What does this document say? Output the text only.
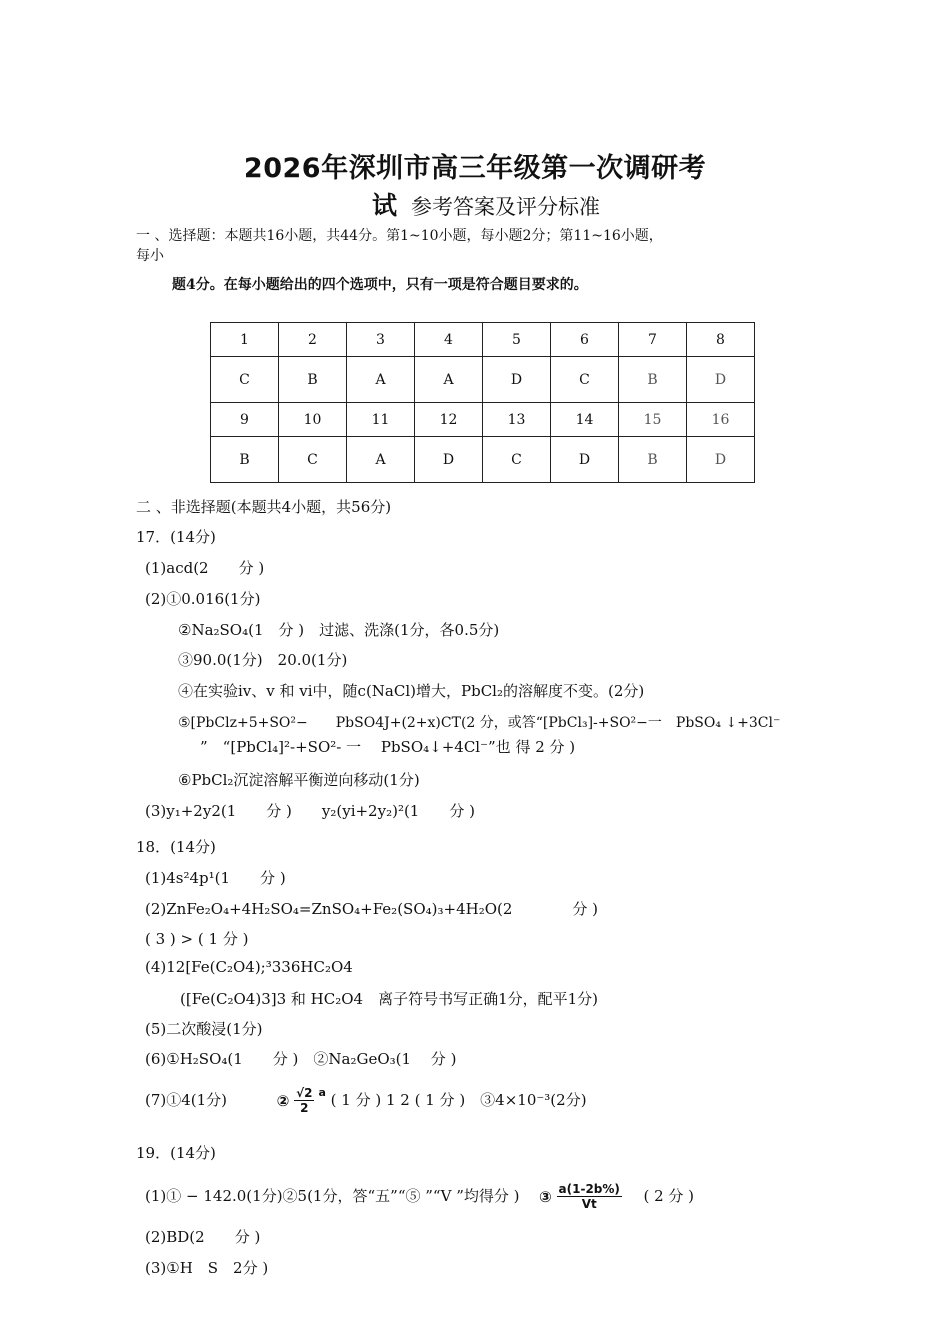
2026年深圳市高三年级第一次调研考
试 参考答案及评分标准
一 、选择题：本题共16小题，共44分。第1~10小题，每小题2分；第11~16小题，
每小
题4分。在每小题给出的四个选项中，只有一项是符合题目要求的。
1	2	3	4	5	6	7	8
C	B	A	A	D	C	B	D
9	10	11	12	13	14	15	16
B	C	A	D	C	D	B	D
二 、非选择题(本题共4小题，共56分)
17．(14分)
(1)acd(2　　分 )
(2)①0.016(1分)
②Na₂SO₄(1　分 )　过滤、洗涤(1分，各0.5分)
③90.0(1分)　20.0(1分)
④在实验iv、v 和 vi中，随c(NaCl)增大，PbCl₂的溶解度不变。(2分)
⑤[PbClz+5+SO²−　　PbSO4J+(2+x)CT(2 分，或答“[PbCl₃]-+SO²−一　PbSO₄ ↓+3Cl⁻
”　“[PbCl₄]²-+SO²- 一　 PbSO₄↓+4Cl⁻”也 得 2 分 )
⑥PbCl₂沉淀溶解平衡逆向移动(1分)
(3)y₁+2y2(1　　分 )　　y₂(yi+2y₂)²(1　　分 )
18．(14分)
(1)4s²4p¹(1　　分 )
(2)ZnFe₂O₄+4H₂SO₄=ZnSO₄+Fe₂(SO₄)₃+4H₂O(2　　　　分 )
( 3 ) > ( 1 分 )
(4)12[Fe(C₂O4);³336HC₂O4
([Fe(C₂O4)3]3 和 HC₂O4　离子符号书写正确1分，配平1分)
(5)二次酸浸(1分)
(6)①H₂SO₄(1　　分 )　②Na₂GeO₃(1　 分 )
(7)①4(1分)	② $\frac{√2}{2} ^a$ ( 1 分 ) 1 2 ( 1 分 )　③4×10⁻³(2分)
19．(14分)
(1)① − 142.0(1分)②5(1分，答“五”“⑤ ”“V ”均得分 ) ③ $\frac{a(1-2b\%)}{Vt}$ ( 2 分 )
(2)BD(2　　分 )
(3)①H　S　2分 )
